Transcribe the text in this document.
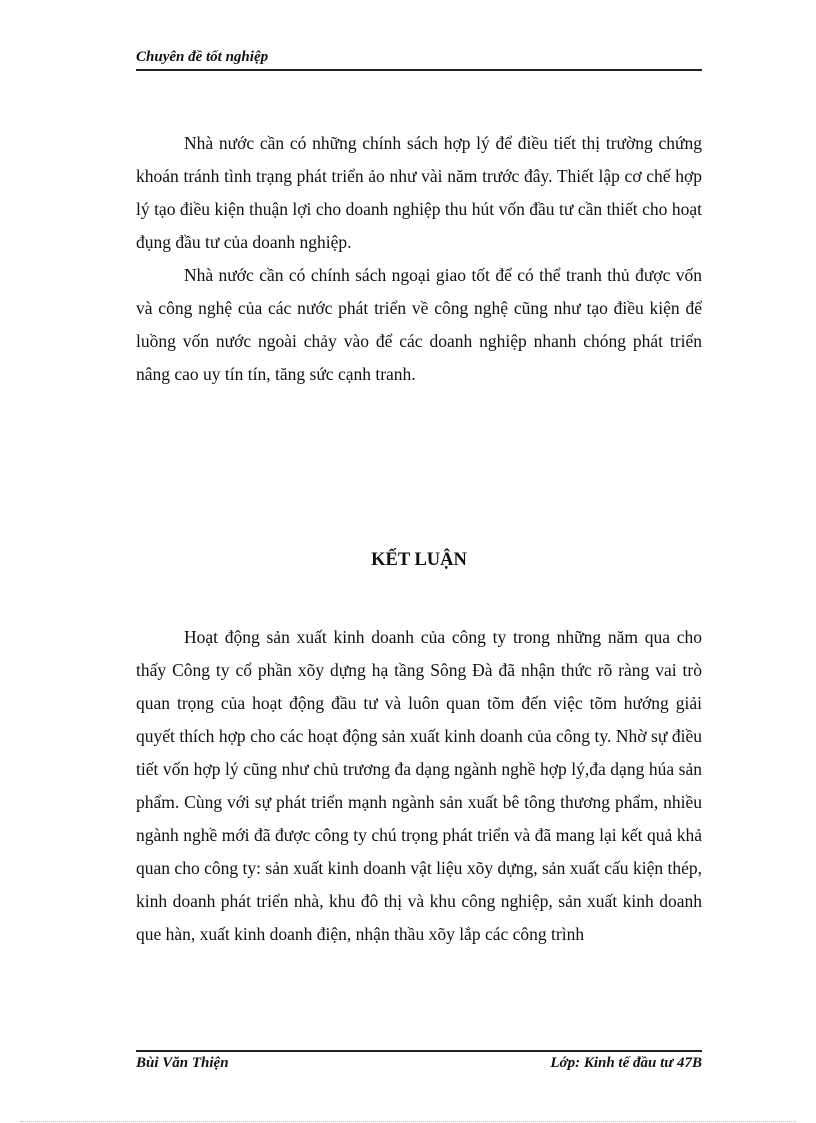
Chuyên đề tốt nghiệp
Nhà nước cần có những chính sách hợp lý để điều tiết thị trường chứng khoán tránh tình trạng phát triển ảo như vài năm trước đây. Thiết lập cơ chế hợp lý tạo điều kiện thuận lợi cho doanh nghiệp thu hút vốn đầu tư cần thiết cho hoạt đụng đầu tư của doanh nghiệp.
Nhà nước cần có chính sách ngoại giao tốt để có thể tranh thủ được vốn và công nghệ của các nước phát triển về công nghệ cũng như tạo điều kiện để luồng vốn nước ngoài chảy vào để các doanh nghiệp nhanh chóng phát triển nâng cao uy tín tín, tăng sức cạnh tranh.
KẾT LUẬN
Hoạt động sản xuất kinh doanh của công ty trong những năm qua cho thấy Công ty cổ phần xõy dựng hạ tầng Sông Đà đã nhận thức rõ ràng vai trò quan trọng của hoạt động đầu tư và luôn quan tõm đến việc tõm hướng giải quyết thích hợp cho các hoạt động sản xuất kinh doanh của công ty. Nhờ sự điều tiết vốn hợp lý cũng như chủ trương đa dạng ngành nghề hợp lý,đa dạng húa sản phẩm. Cùng với sự phát triển mạnh ngành sản xuất bê tông thương phẩm, nhiều ngành nghề mới đã được công ty chú trọng phát triển và đã mang lại kết quả khả quan cho công ty: sản xuất kinh doanh vật liệu xõy dựng, sản xuất cấu kiện thép, kinh doanh phát triển nhà, khu đô thị và khu công nghiệp, sản xuất kinh doanh que hàn, xuất kinh doanh điện, nhận thầu xõy lắp các công trình
Bùi Văn Thiện	Lớp: Kinh tế đầu tư 47B
